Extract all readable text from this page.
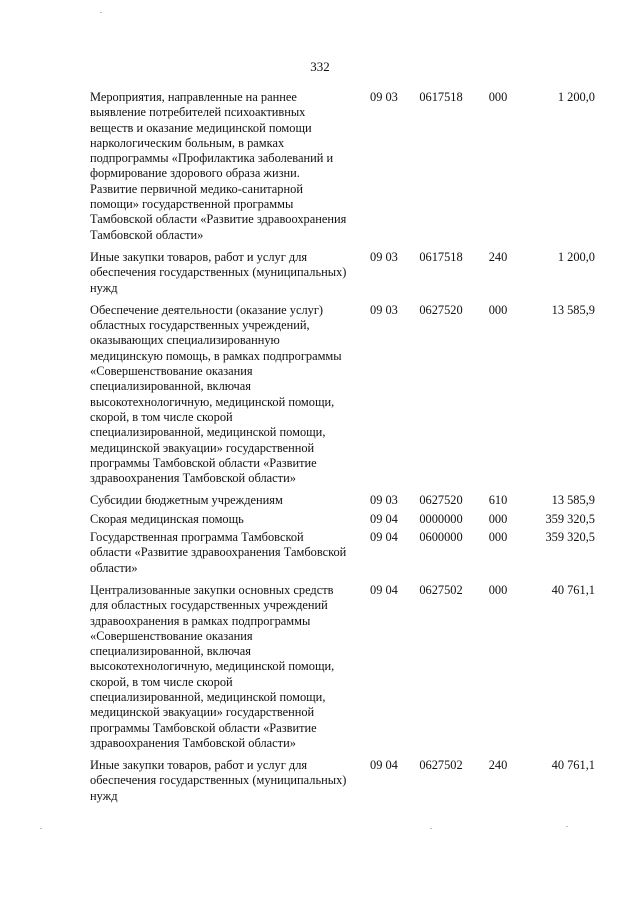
332
Мероприятия, направленные на раннее выявление потребителей психоактивных веществ и оказание медицинской помощи наркологическим больным, в рамках подпрограммы «Профилактика заболеваний и формирование здорового образа жизни. Развитие первичной медико-санитарной помощи» государственной программы Тамбовской области «Развитие здравоохранения Тамбовской области»	09 03	0617518	000	1 200,0

Иные закупки товаров, работ и услуг для обеспечения государственных (муниципальных) нужд	09 03	0617518	240	1 200,0

Обеспечение деятельности (оказание услуг) областных государственных учреждений, оказывающих специализированную медицинскую помощь, в рамках подпрограммы «Совершенствование оказания специализированной, включая высокотехнологичную, медицинской помощи, скорой, в том числе скорой специализированной, медицинской помощи, медицинской эвакуации» государственной программы Тамбовской области «Развитие здравоохранения Тамбовской области»	09 03	0627520	000	13 585,9

Субсидии бюджетным учреждениям	09 03	0627520	610	13 585,9

Скорая медицинская помощь	09 04	0000000	000	359 320,5

Государственная программа Тамбовской области «Развитие здравоохранения Тамбовской области»	09 04	0600000	000	359 320,5

Централизованные закупки основных средств для областных государственных учреждений здравоохранения в рамках подпрограммы «Совершенствование оказания специализированной, включая высокотехнологичную, медицинской помощи, скорой, в том числе скорой специализированной, медицинской помощи, медицинской эвакуации» государственной программы Тамбовской области «Развитие здравоохранения Тамбовской области»	09 04	0627502	000	40 761,1

Иные закупки товаров, работ и услуг для обеспечения государственных (муниципальных) нужд	09 04	0627502	240	40 761,1
